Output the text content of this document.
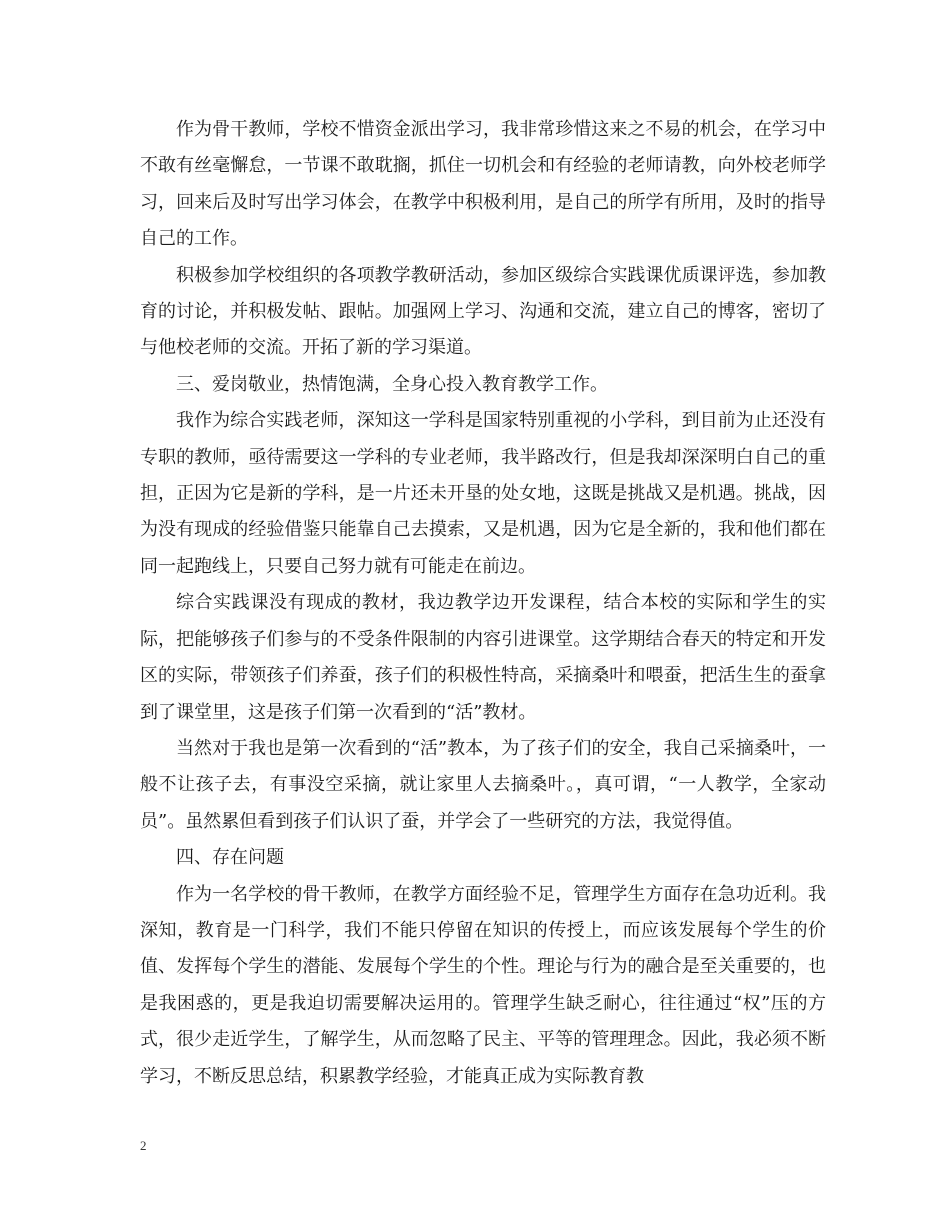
作为骨干教师，学校不惜资金派出学习，我非常珍惜这来之不易的机会，在学习中不敢有丝毫懈怠，一节课不敢耽搁，抓住一切机会和有经验的老师请教，向外校老师学习，回来后及时写出学习体会，在教学中积极利用，是自己的所学有所用，及时的指导自己的工作。

积极参加学校组织的各项教学教研活动，参加区级综合实践课优质课评选，参加教育的讨论，并积极发帖、跟帖。加强网上学习、沟通和交流，建立自己的博客，密切了与他校老师的交流。开拓了新的学习渠道。

三、爱岗敬业，热情饱满，全身心投入教育教学工作。

我作为综合实践老师，深知这一学科是国家特别重视的小学科，到目前为止还没有专职的教师，亟待需要这一学科的专业老师，我半路改行，但是我却深深明白自己的重担，正因为它是新的学科，是一片还未开垦的处女地，这既是挑战又是机遇。挑战，因为没有现成的经验借鉴只能靠自己去摸索，又是机遇，因为它是全新的，我和他们都在同一起跑线上，只要自己努力就有可能走在前边。

综合实践课没有现成的教材，我边教学边开发课程，结合本校的实际和学生的实际，把能够孩子们参与的不受条件限制的内容引进课堂。这学期结合春天的特定和开发区的实际，带领孩子们养蚕，孩子们的积极性特高，采摘桑叶和喂蚕，把活生生的蚕拿到了课堂里，这是孩子们第一次看到的“活”教材。

当然对于我也是第一次看到的“活”教本，为了孩子们的安全，我自己采摘桑叶，一般不让孩子去，有事没空采摘，就让家里人去摘桑叶。，真可谓，“一人教学，全家动员”。虽然累但看到孩子们认识了蚕，并学会了一些研究的方法，我觉得值。

四、存在问题

作为一名学校的骨干教师，在教学方面经验不足，管理学生方面存在急功近利。我深知，教育是一门科学，我们不能只停留在知识的传授上，而应该发展每个学生的价值、发挥每个学生的潜能、发展每个学生的个性。理论与行为的融合是至关重要的，也是我困惑的，更是我迫切需要解决运用的。管理学生缺乏耐心，往往通过“权”压的方式，很少走近学生，了解学生，从而忽略了民主、平等的管理理念。因此，我必须不断学习，不断反思总结，积累教学经验，才能真正成为实际教育教

2
